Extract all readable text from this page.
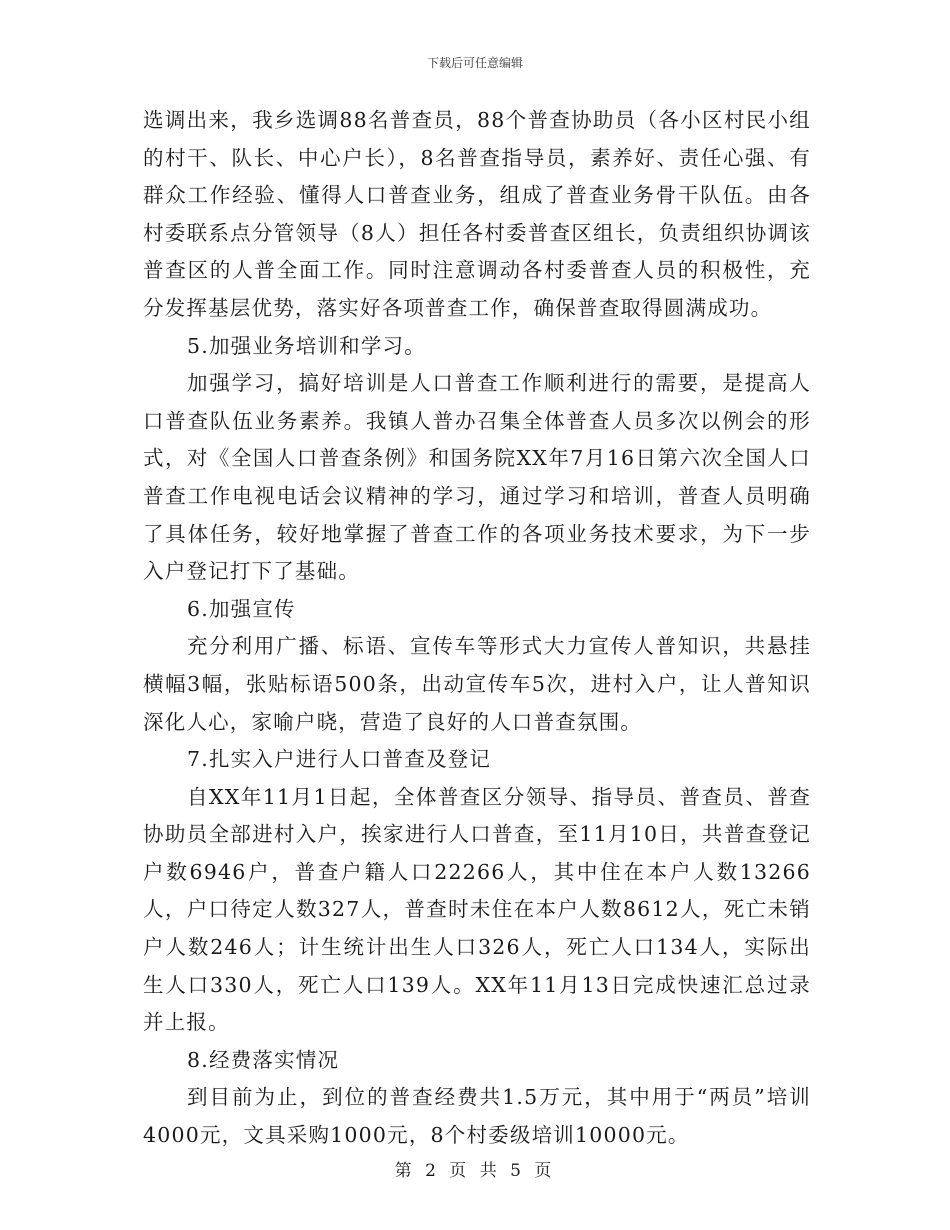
下载后可任意编辑

选调出来，我乡选调88名普查员，88个普查协助员（各小区村民小组的村干、队长、中心户长），8名普查指导员，素养好、责任心强、有群众工作经验、懂得人口普查业务，组成了普查业务骨干队伍。由各村委联系点分管领导（8人）担任各村委普查区组长，负责组织协调该普查区的人普全面工作。同时注意调动各村委普查人员的积极性，充分发挥基层优势，落实好各项普查工作，确保普查取得圆满成功。

5.加强业务培训和学习。

加强学习，搞好培训是人口普查工作顺利进行的需要，是提高人口普查队伍业务素养。我镇人普办召集全体普查人员多次以例会的形式，对《全国人口普查条例》和国务院XX年7月16日第六次全国人口普查工作电视电话会议精神的学习，通过学习和培训，普查人员明确了具体任务，较好地掌握了普查工作的各项业务技术要求，为下一步入户登记打下了基础。

6.加强宣传

充分利用广播、标语、宣传车等形式大力宣传人普知识，共悬挂横幅3幅，张贴标语500条，出动宣传车5次，进村入户，让人普知识深化人心，家喻户晓，营造了良好的人口普查氛围。

7.扎实入户进行人口普查及登记

自XX年11月1日起，全体普查区分领导、指导员、普查员、普查协助员全部进村入户，挨家进行人口普查，至11月10日，共普查登记户数6946户，普查户籍人口22266人，其中住在本户人数13266人，户口待定人数327人，普查时未住在本户人数8612人，死亡未销户人数246人；计生统计出生人口326人，死亡人口134人，实际出生人口330人，死亡人口139人。XX年11月13日完成快速汇总过录并上报。

8.经费落实情况

到目前为止，到位的普查经费共1.5万元，其中用于“两员”培训4000元，文具采购1000元，8个村委级培训10000元。

第 2 页 共 5 页
